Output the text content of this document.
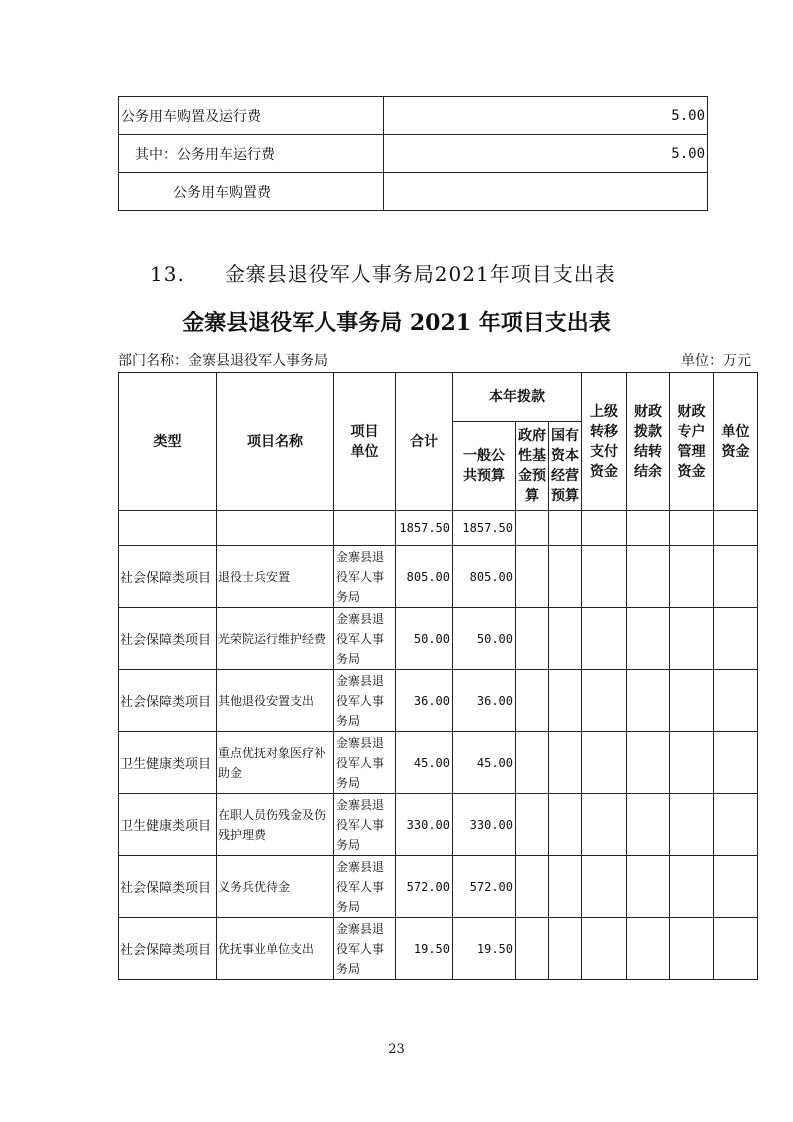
公务用车购置及运行费	5.00
其中：公务用车运行费	5.00
公务用车购置费	
13. 金寨县退役军人事务局2021年项目支出表
金寨县退役军人事务局 2021 年项目支出表
部门名称：金寨县退役军人事务局	单位：万元
类型	项目名称	项目单位	合计	本年拨款			上级转移支付资金	财政拨款结转结余	财政专户管理资金	单位资金

				一般公共预算	政府性基金预算	国有资本经营预算				

			1857.50	1857.50						
社会保障类项目	退役士兵安置	金寨县退役军人事务局	805.00	805.00						
社会保障类项目	光荣院运行维护经费	金寨县退役军人事务局	50.00	50.00						
社会保障类项目	其他退役安置支出	金寨县退役军人事务局	36.00	36.00						
卫生健康类项目	重点优抚对象医疗补助金	金寨县退役军人事务局	45.00	45.00						
卫生健康类项目	在职人员伤残金及伤残护理费	金寨县退役军人事务局	330.00	330.00						
社会保障类项目	义务兵优待金	金寨县退役军人事务局	572.00	572.00						
社会保障类项目	优抚事业单位支出	金寨县退役军人事务局	19.50	19.50						
23
